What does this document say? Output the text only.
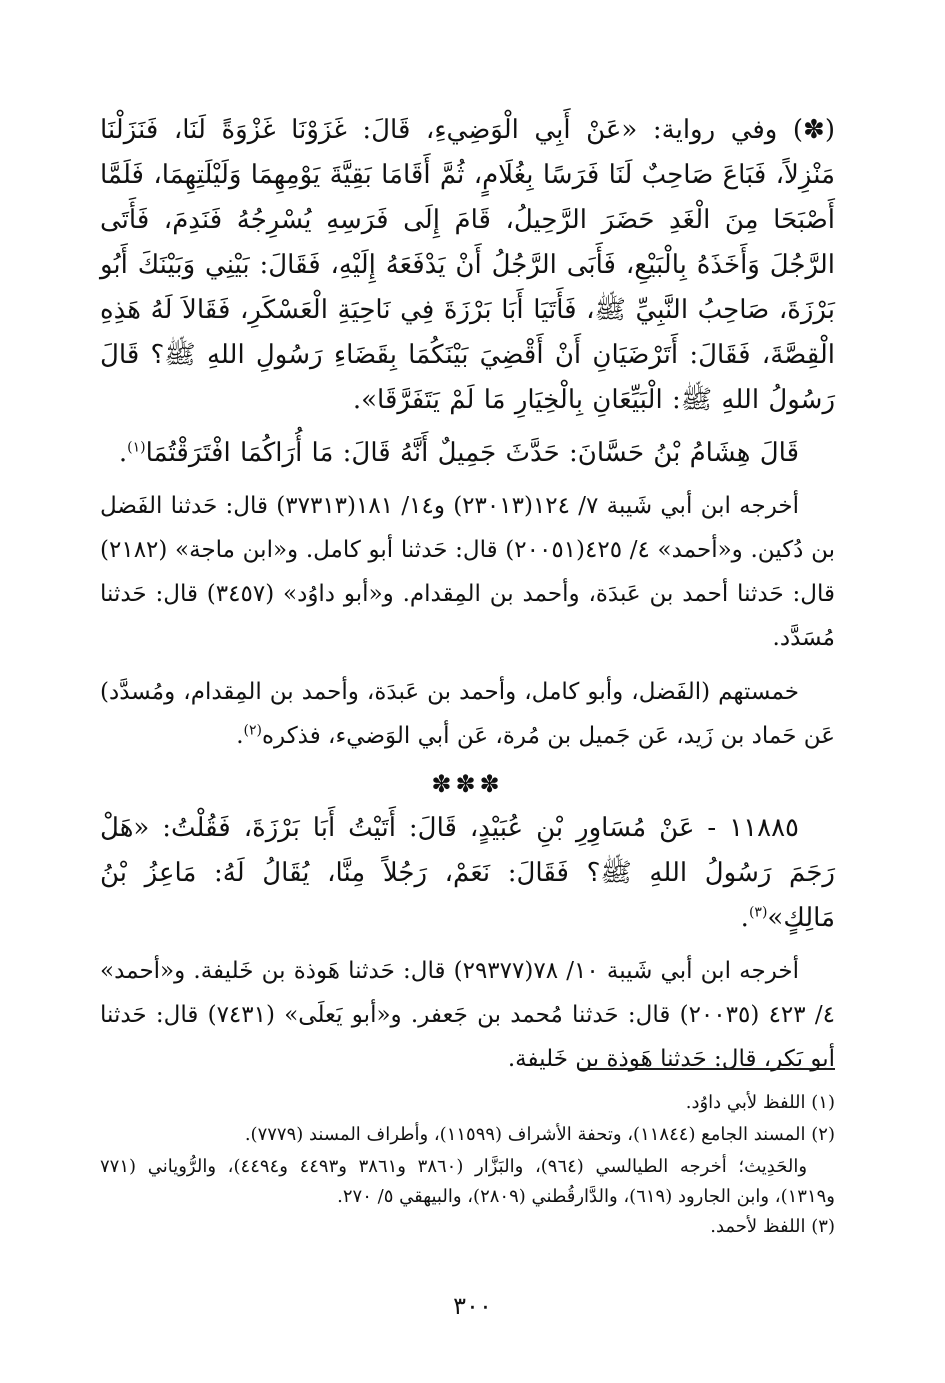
(✽) وفي رواية: «عَنْ أَبِي الْوَضِيءِ، قَالَ: غَزَوْنَا غَزْوَةً لَنَا، فَنَزَلْنَا مَنْزِلاً، فَبَاعَ صَاحِبٌ لَنَا فَرَسًا بِغُلَامٍ، ثُمَّ أَقَامَا بَقِيَّةَ يَوْمِهِمَا وَلَيْلَتِهِمَا، فَلَمَّا أَصْبَحَا مِنَ الْغَدِ حَضَرَ الرَّحِيلُ، قَامَ إِلَى فَرَسِهِ يُسْرِجُهُ فَنَدِمَ، فَأَتَى الرَّجُلَ وَأَخَذَهُ بِالْبَيْعِ، فَأَبَى الرَّجُلُ أَنْ يَدْفَعَهُ إِلَيْهِ، فَقَالَ: بَيْنِي وَبَيْنَكَ أَبُو بَرْزَةَ، صَاحِبُ النَّبِيِّ ﷺ، فَأَتَيَا أَبَا بَرْزَةَ فِي نَاحِيَةِ الْعَسْكَرِ، فَقَالاَ لَهُ هَذِهِ الْقِصَّةَ، فَقَالَ: أَتَرْضَيَانِ أَنْ أَقْضِيَ بَيْنَكُمَا بِقَضَاءِ رَسُولِ اللهِ ﷺ؟ قَالَ رَسُولُ اللهِ ﷺ: الْبَيِّعَانِ بِالْخِيَارِ مَا لَمْ يَتَفَرَّقَا».

قَالَ هِشَامُ بْنُ حَسَّانَ: حَدَّثَ جَمِيلٌ أَنَّهُ قَالَ: مَا أُرَاكُمَا افْتَرَقْتُمَا$^{(١)}$.

أخرجه ابن أبي شَيبة ٧/ ١٢٤(٢٣٠١٣) و١٤/ ١٨١(٣٧٣١٣) قال: حَدثنا الفَضل بن دُكين. و«أحمد» ٤/ ٤٢٥(٢٠٠٥١) قال: حَدثنا أبو كامل. و«ابن ماجة» (٢١٨٢) قال: حَدثنا أحمد بن عَبدَة، وأحمد بن المِقدام. و«أبو داوُد» (٣٤٥٧) قال: حَدثنا مُسَدَّد.

خمستهم (الفَضل، وأبو كامل، وأحمد بن عَبدَة، وأحمد بن المِقدام، ومُسدَّد) عَن حَماد بن زَيد، عَن جَميل بن مُرة، عَن أبي الوَضيء، فذكره$^{(٢)}$.

✽✽✽

١١٨٨٥ - عَنْ مُسَاوِرِ بْنِ عُبَيْدٍ، قَالَ: أَتَيْتُ أَبَا بَرْزَةَ، فَقُلْتُ: «هَلْ رَجَمَ رَسُولُ اللهِ ﷺ؟ فَقَالَ: نَعَمْ، رَجُلاً مِنَّا، يُقَالُ لَهُ: مَاعِزُ بْنُ مَالِكٍ»$^{(٣)}$.

أخرجه ابن أبي شَيبة ١٠/ ٧٨(٢٩٣٧٧) قال: حَدثنا هَوذة بن خَليفة. و«أحمد» ٤/ ٤٢٣ (٢٠٠٣٥) قال: حَدثنا مُحمد بن جَعفر. و«أبو يَعلَى» (٧٤٣١) قال: حَدثنا أبو بَكر، قال: حَدثنا هَوذة بن خَليفة.

(١) اللفظ لأبي داوُد.

(٢) المسند الجامع (١١٨٤٤)، وتحفة الأشراف (١١٥٩٩)، وأطراف المسند (٧٧٧٩).

والحَدِيث؛ أخرجه الطيالسي (٩٦٤)، والبَزَّار (٣٨٦٠ و٣٨٦١ و٤٤٩٣ و٤٤٩٤)، والرُّوياني (٧٧١ و١٣١٩)، وابن الجارود (٦١٩)، والدَّارقُطني (٢٨٠٩)، والبيهقي ٥/ ٢٧٠.

(٣) اللفظ لأحمد.

٣٠٠
